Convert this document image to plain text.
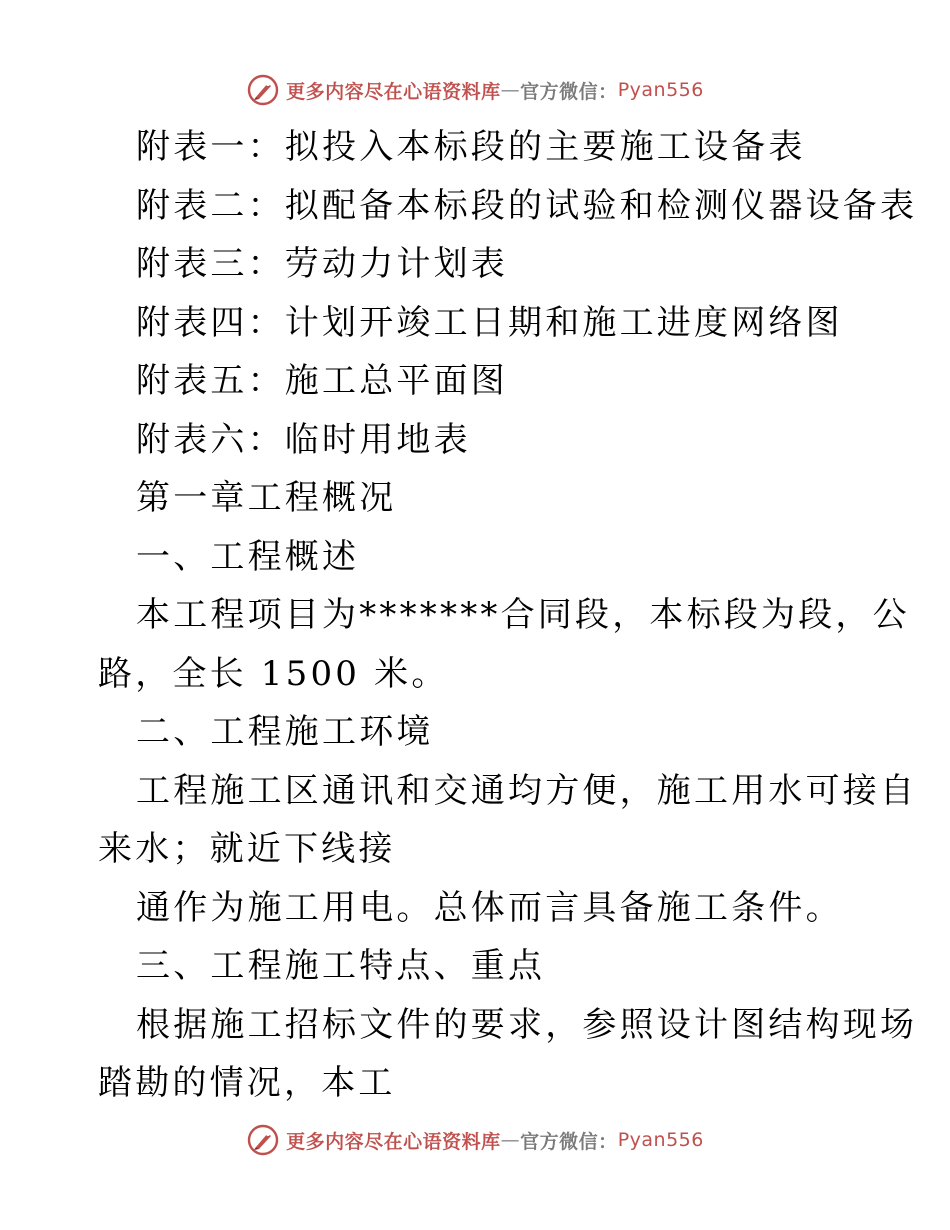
更多内容尽在心语资料库 — 官方微信： Pyan556
附表一：拟投入本标段的主要施工设备表
附表二：拟配备本标段的试验和检测仪器设备表
附表三：劳动力计划表
附表四：计划开竣工日期和施工进度网络图
附表五：施工总平面图
附表六：临时用地表
第一章工程概况
一、工程概述
本工程项目为*******合同段，本标段为段，公
路，全长 1500 米。
二、工程施工环境
工程施工区通讯和交通均方便，施工用水可接自
来水；就近下线接
通作为施工用电。总体而言具备施工条件。
三、工程施工特点、重点
根据施工招标文件的要求，参照设计图结构现场
踏勘的情况，本工
更多内容尽在心语资料库 — 官方微信： Pyan556
